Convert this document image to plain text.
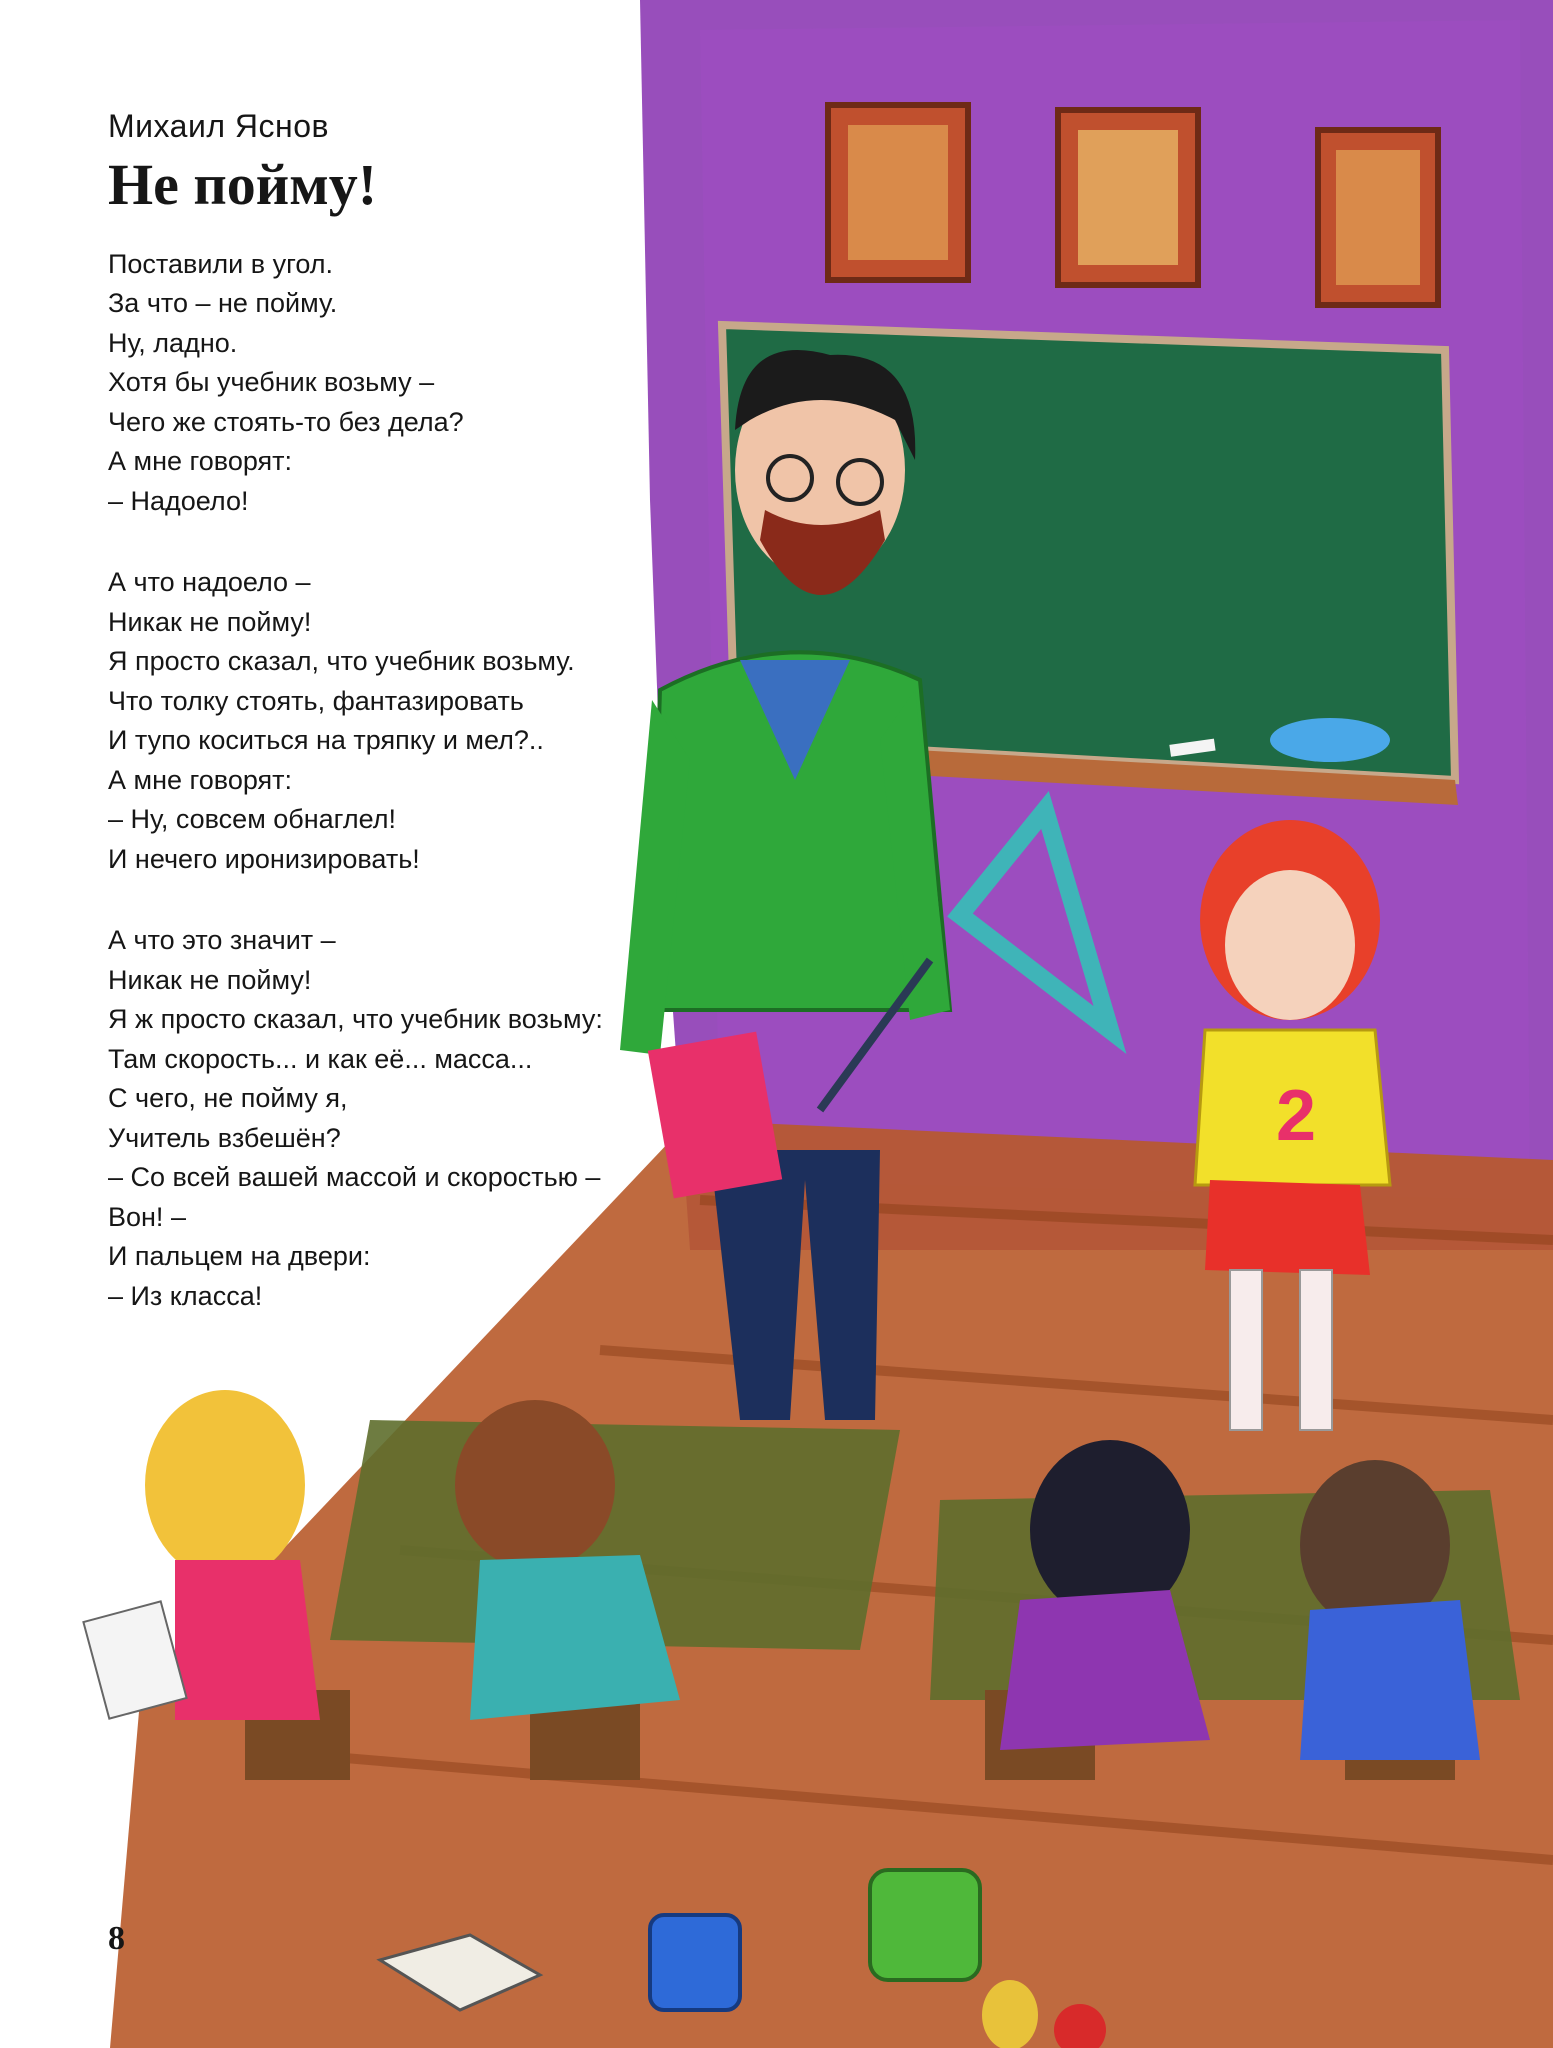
2
Михаил Яснов
Не пойму!
Поставили в угол.
За что – не пойму.
Ну, ладно.
Хотя бы учебник возьму –
Чего же стоять-то без дела?
А мне говорят:
– Надоело!
А что надоело –
Никак не пойму!
Я просто сказал, что учебник возьму.
Что толку стоять, фантазировать
И тупо коситься на тряпку и мел?..
А мне говорят:
– Ну, совсем обнаглел!
И нечего иронизировать!
А что это значит –
Никак не пойму!
Я ж просто сказал, что учебник возьму:
Там скорость... и как её... масса...
С чего, не пойму я,
Учитель взбешён?
– Со всей вашей массой и скоростью –
Вон! –
И пальцем на двери:
– Из класса!
8
